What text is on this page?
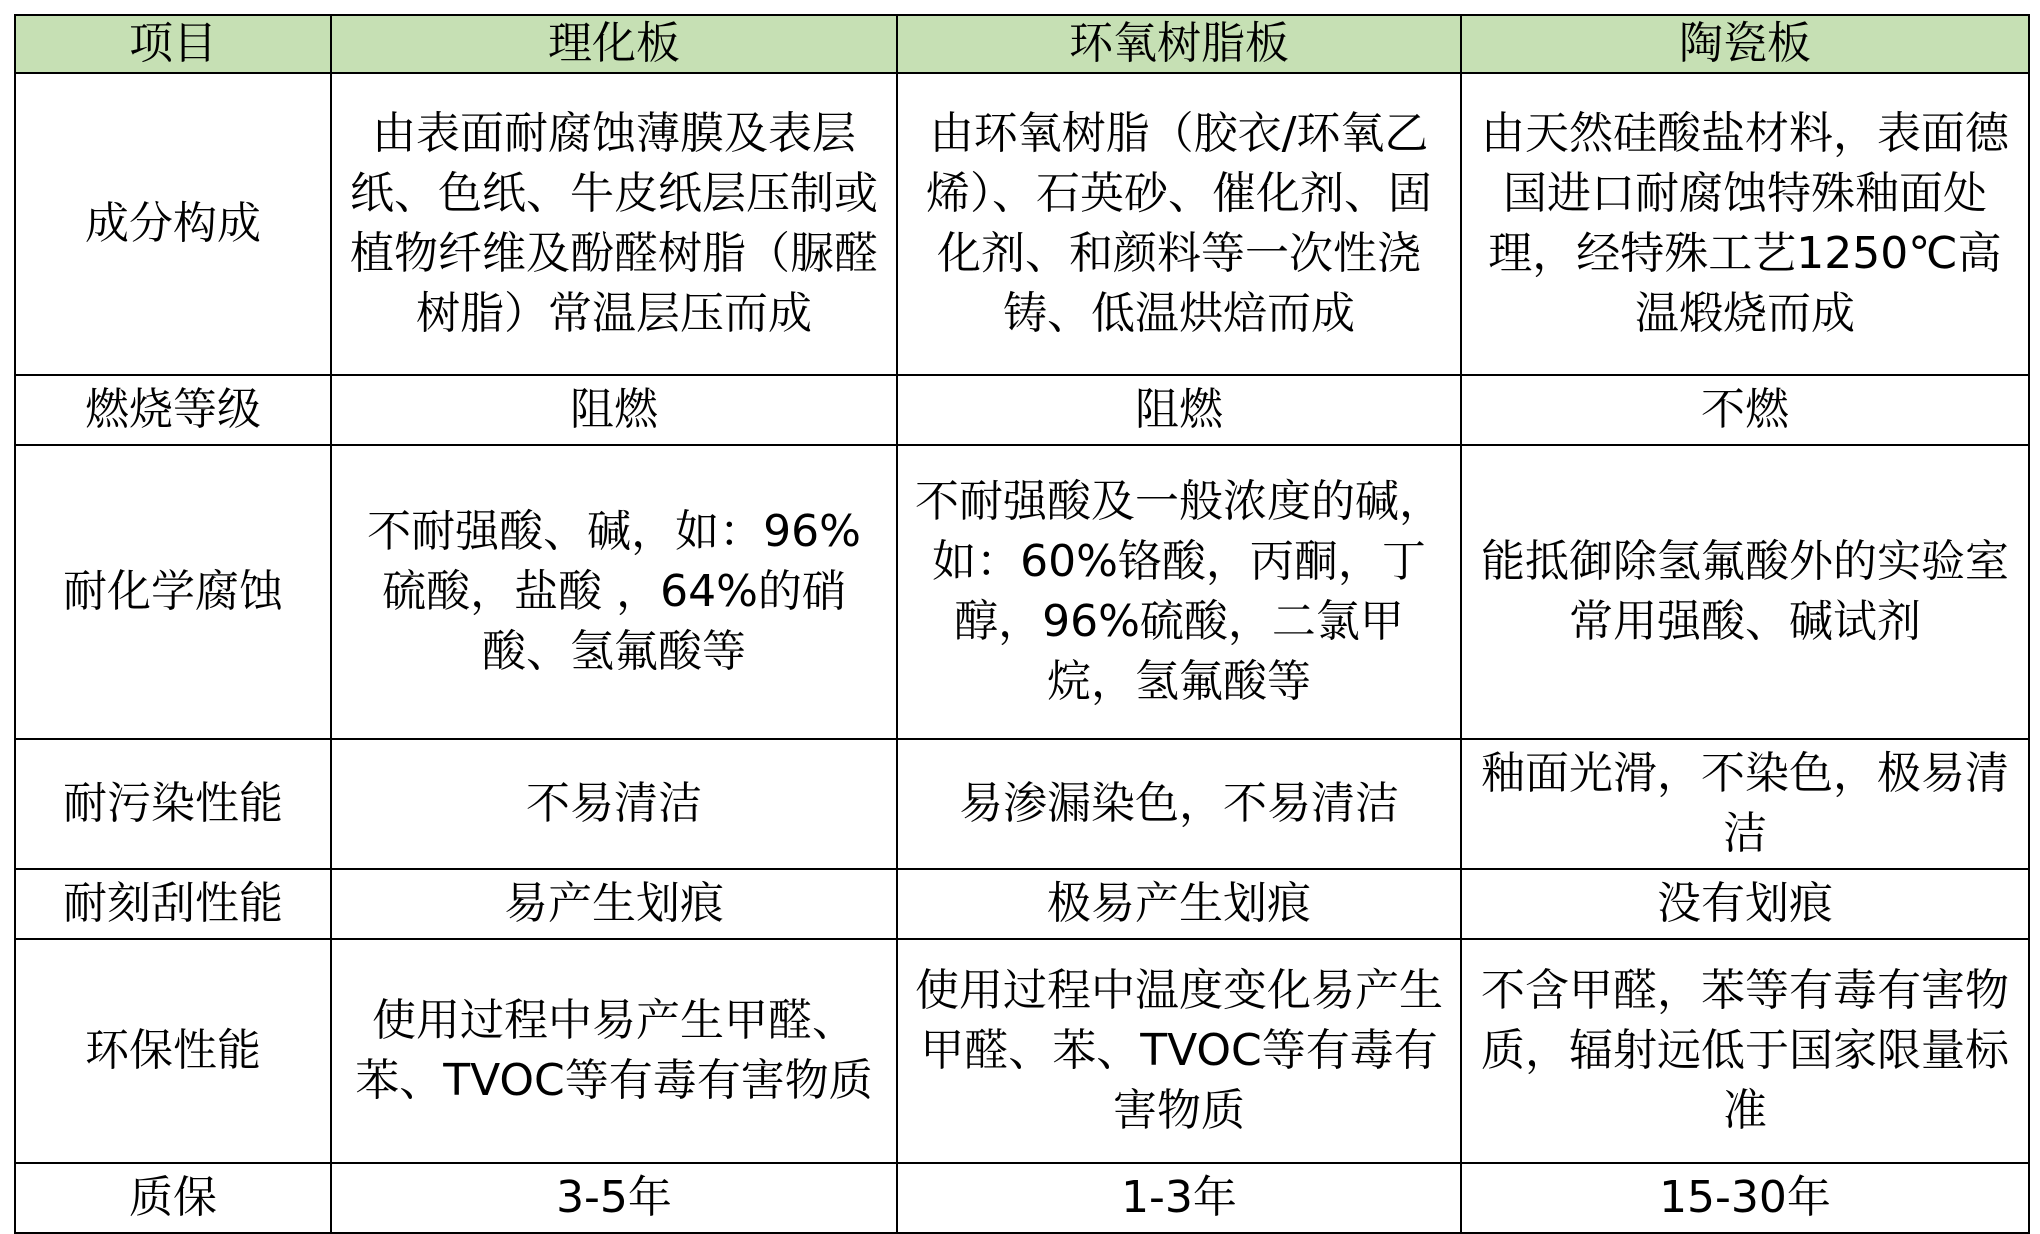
项目	理化板	环氧树脂板	陶瓷板
成分构成	由表面耐腐蚀薄膜及表层纸、色纸、牛皮纸层压制或植物纤维及酚醛树脂（脲醛树脂）常温层压而成	由环氧树脂（胶衣/环氧乙烯）、石英砂、催化剂、固化剂、和颜料等一次性浇铸、低温烘焙而成	由天然硅酸盐材料，表面德国进口耐腐蚀特殊釉面处理，经特殊工艺1250℃高温煅烧而成
燃烧等级	阻燃	阻燃	不燃
耐化学腐蚀	不耐强酸、碱，如：96%硫酸，盐酸 ，64%的硝酸、氢氟酸等	不耐强酸及一般浓度的碱，如：60%铬酸，丙酮，丁醇，96%硫酸，二氯甲烷，氢氟酸等	能抵御除氢氟酸外的实验室常用强酸、碱试剂
耐污染性能	不易清洁	易渗漏染色，不易清洁	釉面光滑，不染色，极易清洁
耐刻刮性能	易产生划痕	极易产生划痕	没有划痕
环保性能	使用过程中易产生甲醛、苯、TVOC等有毒有害物质	使用过程中温度变化易产生甲醛、苯、TVOC等有毒有害物质	不含甲醛，苯等有毒有害物质，辐射远低于国家限量标准
质保	3-5年	1-3年	15-30年
